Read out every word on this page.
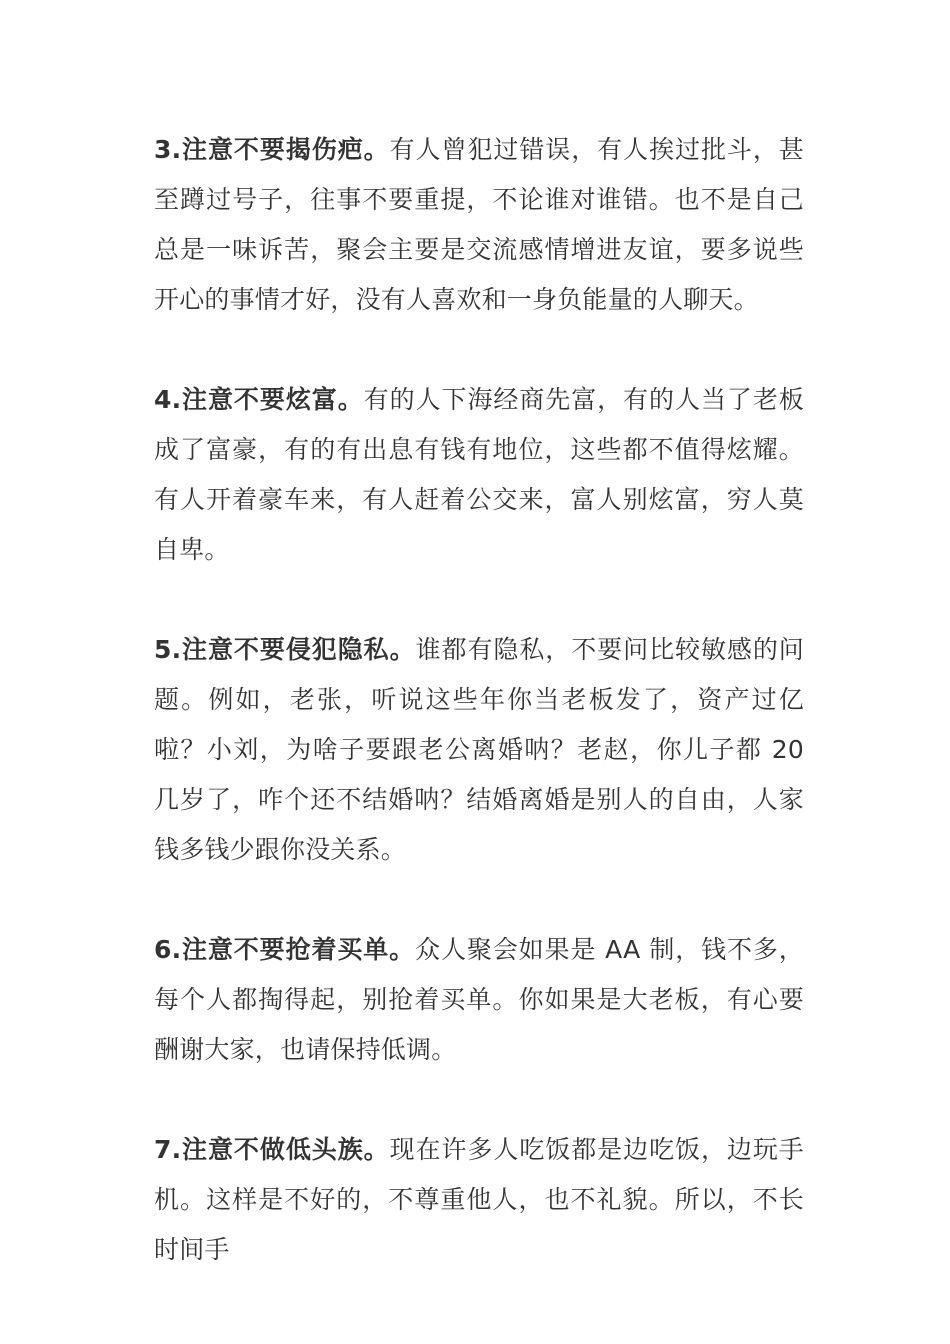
3.注意不要揭伤疤。有人曾犯过错误，有人挨过批斗，甚至蹲过号子，往事不要重提，不论谁对谁错。也不是自己总是一味诉苦，聚会主要是交流感情增进友谊，要多说些开心的事情才好，没有人喜欢和一身负能量的人聊天。

4.注意不要炫富。有的人下海经商先富，有的人当了老板成了富豪，有的有出息有钱有地位，这些都不值得炫耀。有人开着豪车来，有人赶着公交来，富人别炫富，穷人莫自卑。

5.注意不要侵犯隐私。谁都有隐私，不要问比较敏感的问题。例如，老张，听说这些年你当老板发了，资产过亿啦？小刘，为啥子要跟老公离婚呐？老赵，你儿子都 20 几岁了，咋个还不结婚呐？结婚离婚是别人的自由，人家钱多钱少跟你没关系。

6.注意不要抢着买单。众人聚会如果是 AA 制，钱不多，每个人都掏得起，别抢着买单。你如果是大老板，有心要酬谢大家，也请保持低调。

7.注意不做低头族。现在许多人吃饭都是边吃饭，边玩手机。这样是不好的，不尊重他人，也不礼貌。所以，不长时间手
